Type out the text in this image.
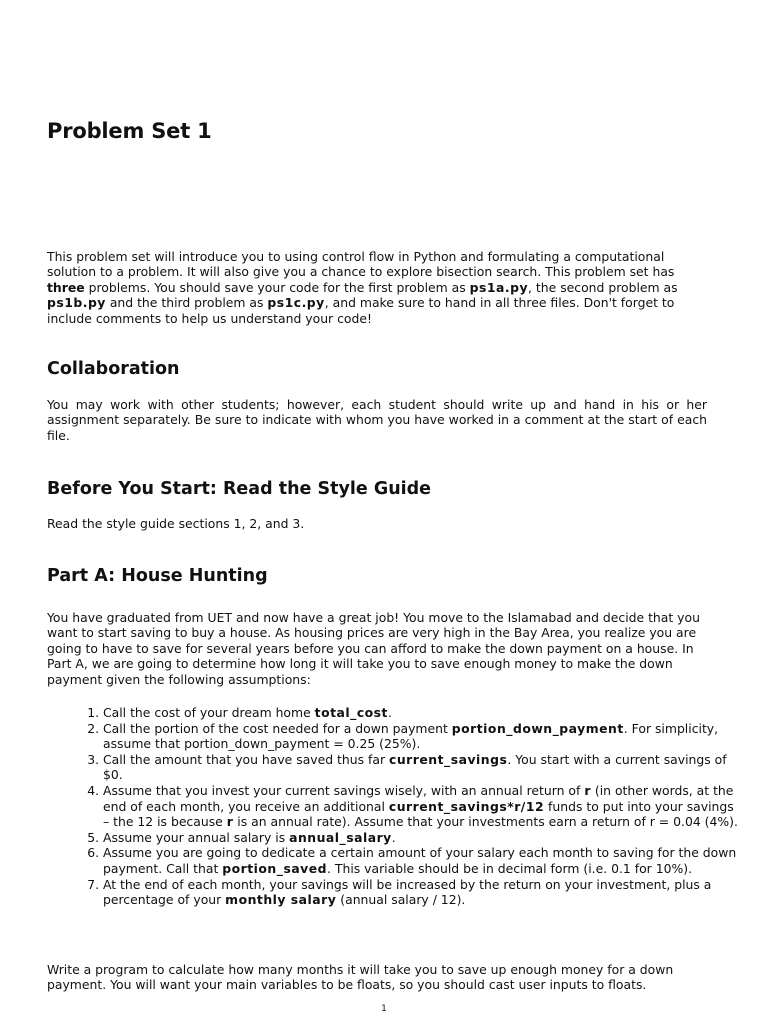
Problem Set 1

This problem set will introduce you to using control flow in Python and formulating a computational solution to a problem. It will also give you a chance to explore bisection search. This problem set has three problems. You should save your code for the first problem as ps1a.py, the second problem as ps1b.py and the third problem as ps1c.py, and make sure to hand in all three files. Don't forget to include comments to help us understand your code!

Collaboration

You may work with other students; however, each student should write up and hand in his or her assignment separately. Be sure to indicate with whom you have worked in a comment at the start of each file.

Before You Start: Read the Style Guide

Read the style guide sections 1, 2, and 3.

Part A: House Hunting

You have graduated from UET and now have a great job! You move to the Islamabad and decide that you want to start saving to buy a house. As housing prices are very high in the Bay Area, you realize you are going to have to save for several years before you can afford to make the down payment on a house. In Part A, we are going to determine how long it will take you to save enough money to make the down payment given the following assumptions:

1. Call the cost of your dream home total_cost.
2. Call the portion of the cost needed for a down payment portion_down_payment. For simplicity, assume that portion_down_payment = 0.25 (25%).
3. Call the amount that you have saved thus far current_savings. You start with a current savings of $0.
4. Assume that you invest your current savings wisely, with an annual return of r (in other words, at the end of each month, you receive an additional current_savings*r/12 funds to put into your savings – the 12 is because r is an annual rate). Assume that your investments earn a return of r = 0.04 (4%).
5. Assume your annual salary is annual_salary.
6. Assume you are going to dedicate a certain amount of your salary each month to saving for the down payment. Call that portion_saved. This variable should be in decimal form (i.e. 0.1 for 10%).
7. At the end of each month, your savings will be increased by the return on your investment, plus a percentage of your monthly salary (annual salary / 12).

Write a program to calculate how many months it will take you to save up enough money for a down payment. You will want your main variables to be floats, so you should cast user inputs to floats.

1
